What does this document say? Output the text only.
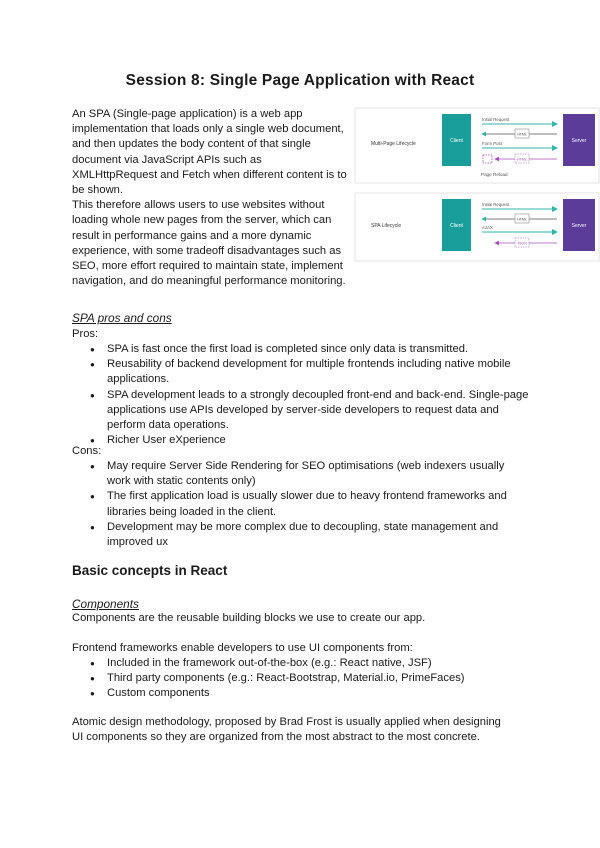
Session 8: Single Page Application with React
An SPA (Single-page application) is a web app implementation that loads only a single web document, and then updates the body content of that single document via JavaScript APIs such as XMLHttpRequest and Fetch when different content is to be shown.
This therefore allows users to use websites without loading whole new pages from the server, which can result in performance gains and a more dynamic experience, with some tradeoff disadvantages such as SEO, more effort required to maintain state, implement navigation, and do meaningful performance monitoring.
Multi-Page Lifecycle	Client	Server
Initial Request
HTML
Form Post
HTML
Page Reload
SPA Lifecycle	Client	Server
Initial Request
HTML
AJAX
JSON
SPA pros and cons
Pros:
● SPA is fast once the first load is completed since only data is transmitted.
● Reusability of backend development for multiple frontends including native mobile applications.
● SPA development leads to a strongly decoupled front-end and back-end. Single-page applications use APIs developed by server-side developers to request data and perform data operations.
● Richer User eXperience
Cons:
● May require Server Side Rendering for SEO optimisations (web indexers usually work with static contents only)
● The first application load is usually slower due to heavy frontend frameworks and libraries being loaded in the client.
● Development may be more complex due to decoupling, state management and improved ux
Basic concepts in React
Components
Components are the reusable building blocks we use to create our app.
Frontend frameworks enable developers to use UI components from:
● Included in the framework out-of-the-box (e.g.: React native, JSF)
● Third party components (e.g.: React-Bootstrap, Material.io, PrimeFaces)
● Custom components
Atomic design methodology, proposed by Brad Frost is usually applied when designing UI components so they are organized from the most abstract to the most concrete.
